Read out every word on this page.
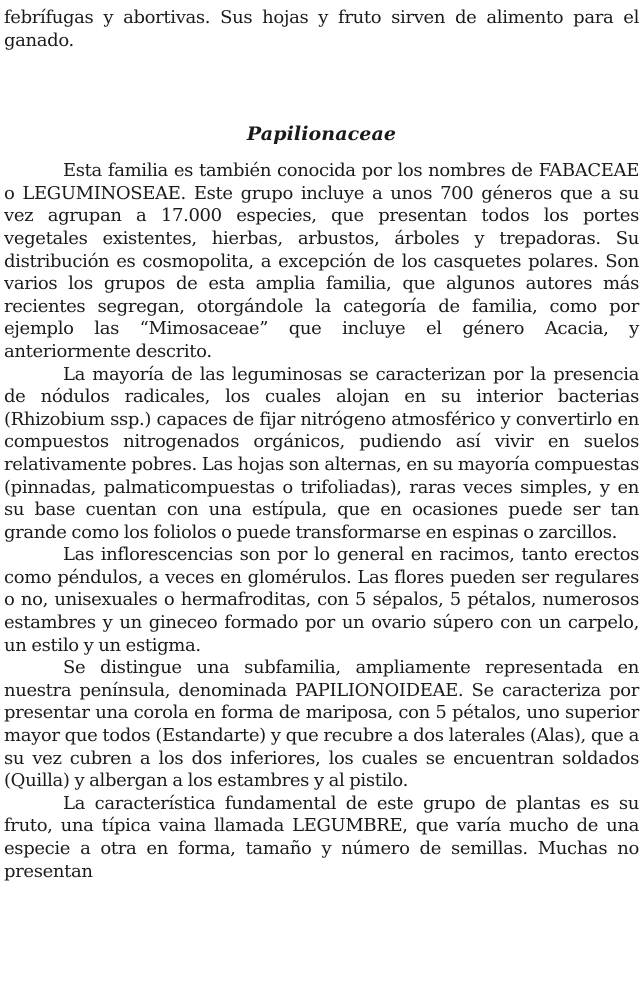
febrífugas y abortivas. Sus hojas y fruto sirven de alimento para el ganado.

Papilionaceae

Esta familia es también conocida por los nombres de FABACEAE o LEGUMINOSEAE. Este grupo incluye a unos 700 géneros que a su vez agrupan a 17.000 especies, que presentan todos los portes vegetales existentes, hierbas, arbustos, árboles y trepadoras. Su distribución es cosmopolita, a excepción de los casquetes polares. Son varios los grupos de esta amplia familia, que algunos autores más recientes segregan, otorgándole la categoría de familia, como por ejemplo las “Mimosaceae” que incluye el género Acacia, y anteriormente descrito.

La mayoría de las leguminosas se caracterizan por la presencia de nódulos radicales, los cuales alojan en su interior bacterias (Rhizobium ssp.) capaces de fijar nitrógeno atmosférico y convertirlo en compuestos nitrogenados orgánicos, pudiendo así vivir en suelos relativamente pobres. Las hojas son alternas, en su mayoría compuestas (pinnadas, palmaticompuestas o trifoliadas), raras veces simples, y en su base cuentan con una estípula, que en ocasiones puede ser tan grande como los foliolos o puede transformarse en espinas o zarcillos.

Las inflorescencias son por lo general en racimos, tanto erectos como péndulos, a veces en glomérulos. Las flores pueden ser regulares o no, unisexuales o hermafroditas, con 5 sépalos, 5 pétalos, numerosos estambres y un gineceo formado por un ovario súpero con un carpelo, un estilo y un estigma.

Se distingue una subfamilia, ampliamente representada en nuestra península, denominada PAPILIONOIDEAE. Se caracteriza por presentar una corola en forma de mariposa, con 5 pétalos, uno superior mayor que todos (Estandarte) y que recubre a dos laterales (Alas), que a su vez cubren a los dos inferiores, los cuales se encuentran soldados (Quilla) y albergan a los estambres y al pistilo.

La característica fundamental de este grupo de plantas es su fruto, una típica vaina llamada LEGUMBRE, que varía mucho de una especie a otra en forma, tamaño y número de semillas. Muchas no presentan
